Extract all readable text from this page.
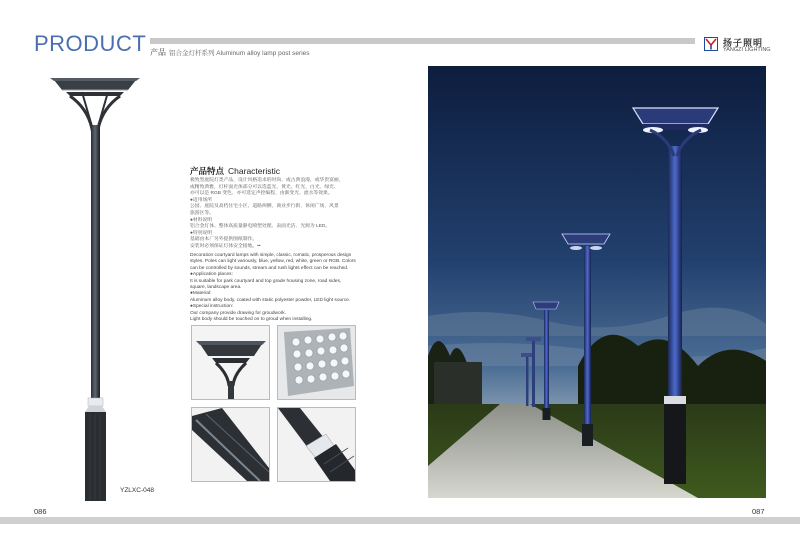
PRODUCT 产品 铝合金灯杆系列 Aluminum alloy lamp post series
扬子照明
YANGZI LIGHTING
YZLXC-048
产品特点 Characteristic
极致型庭院灯类产品，设计风格追求的时尚、或古典浪漫，或华贵富丽，
或精致典雅，灯杆面光体部分可以选蓝光、黄光、红光、白光、绿光、
亦可以是 RGB 变色、亦可选定声控编程、由渐变光、流水等效果。
●适用场所
公园、庭院及高档住宅小区、道路两侧、商业步行街、休闲广场、风景
旅游区等。
●材料说明
铝合金灯体、整体高质量静电喷塑处理、表面光洁、光源为 LED。
●特别说明
基础由本厂另外提供图纸制作。
安装时必须保证灯体安全接地。••
Decoration courtyard lamps with simple, classic, romatic, prosperous design styles. Poles can light variously, blue, yellow, red, white, green or RGB. Colors can be controlled by sounds, stream and rush lights effect can be reached.
●Application places:
It is suitable for park courtyard and top grade housing zone, road sides, square, landscape area.
●Material:
Aluminum alloy body, coated with static polyester powder, LED light source.
●Special instruction:
Our company provide drawing for groudwork.
Light body should be touched on to groud when installing.
086	087
